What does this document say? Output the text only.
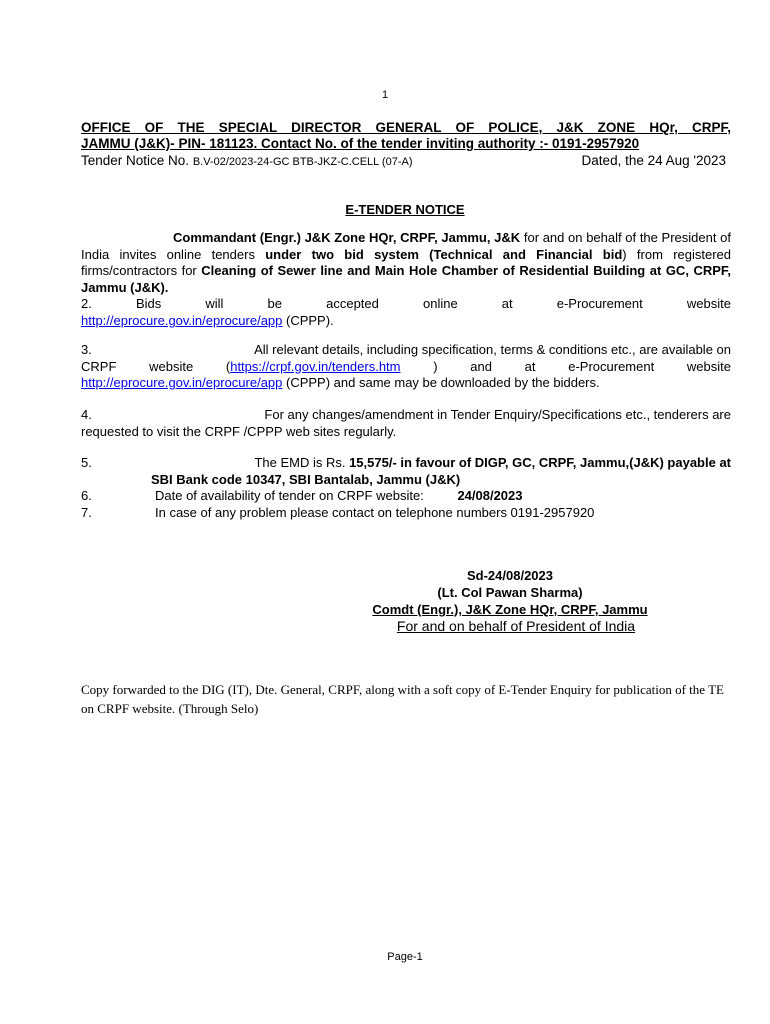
1
OFFICE OF THE SPECIAL DIRECTOR GENERAL OF POLICE, J&K ZONE HQr, CRPF,
JAMMU (J&K)- PIN- 181123. Contact No. of the tender inviting authority :- 0191-2957920
Tender Notice No. B.V-02/2023-24-GC BTB-JKZ-C.CELL (07-A)	Dated, the 24 Aug '2023
E-TENDER NOTICE
Commandant (Engr.) J&K Zone HQr, CRPF, Jammu, J&K for and on behalf of the President of India invites online tenders under two bid system (Technical and Financial bid) from registered firms/contractors for Cleaning of Sewer line and Main Hole Chamber of Residential Building at GC, CRPF, Jammu (J&K).
2.	Bids	will	be	accepted	online	at	e-Procurement	website
http://eprocure.gov.in/eprocure/app (CPPP).
3.	All relevant details, including specification, terms & conditions etc., are available on
CRPF	website	(https://crpf.gov.in/tenders.htm	)	and	at	e-Procurement	website
http://eprocure.gov.in/eprocure/app (CPPP) and same may be downloaded by the bidders.
4.	For any changes/amendment in Tender Enquiry/Specifications etc., tenderers are
requested to visit the CRPF /CPPP web sites regularly.
5.	The EMD is Rs. 15,575/- in favour of DIGP, GC, CRPF, Jammu,(J&K) payable at
SBI Bank code 10347, SBI Bantalab, Jammu (J&K)
6.	Date of availability of tender on CRPF website:	24/08/2023
7.	In case of any problem please contact on telephone numbers 0191-2957920
Sd-24/08/2023
(Lt. Col Pawan Sharma)
Comdt (Engr.), J&K Zone HQr, CRPF, Jammu
For and on behalf of President of India
Copy forwarded to the DIG (IT), Dte. General, CRPF, along with a soft copy of E-Tender Enquiry for publication of the TE on CRPF website. (Through Selo)
Page-1
